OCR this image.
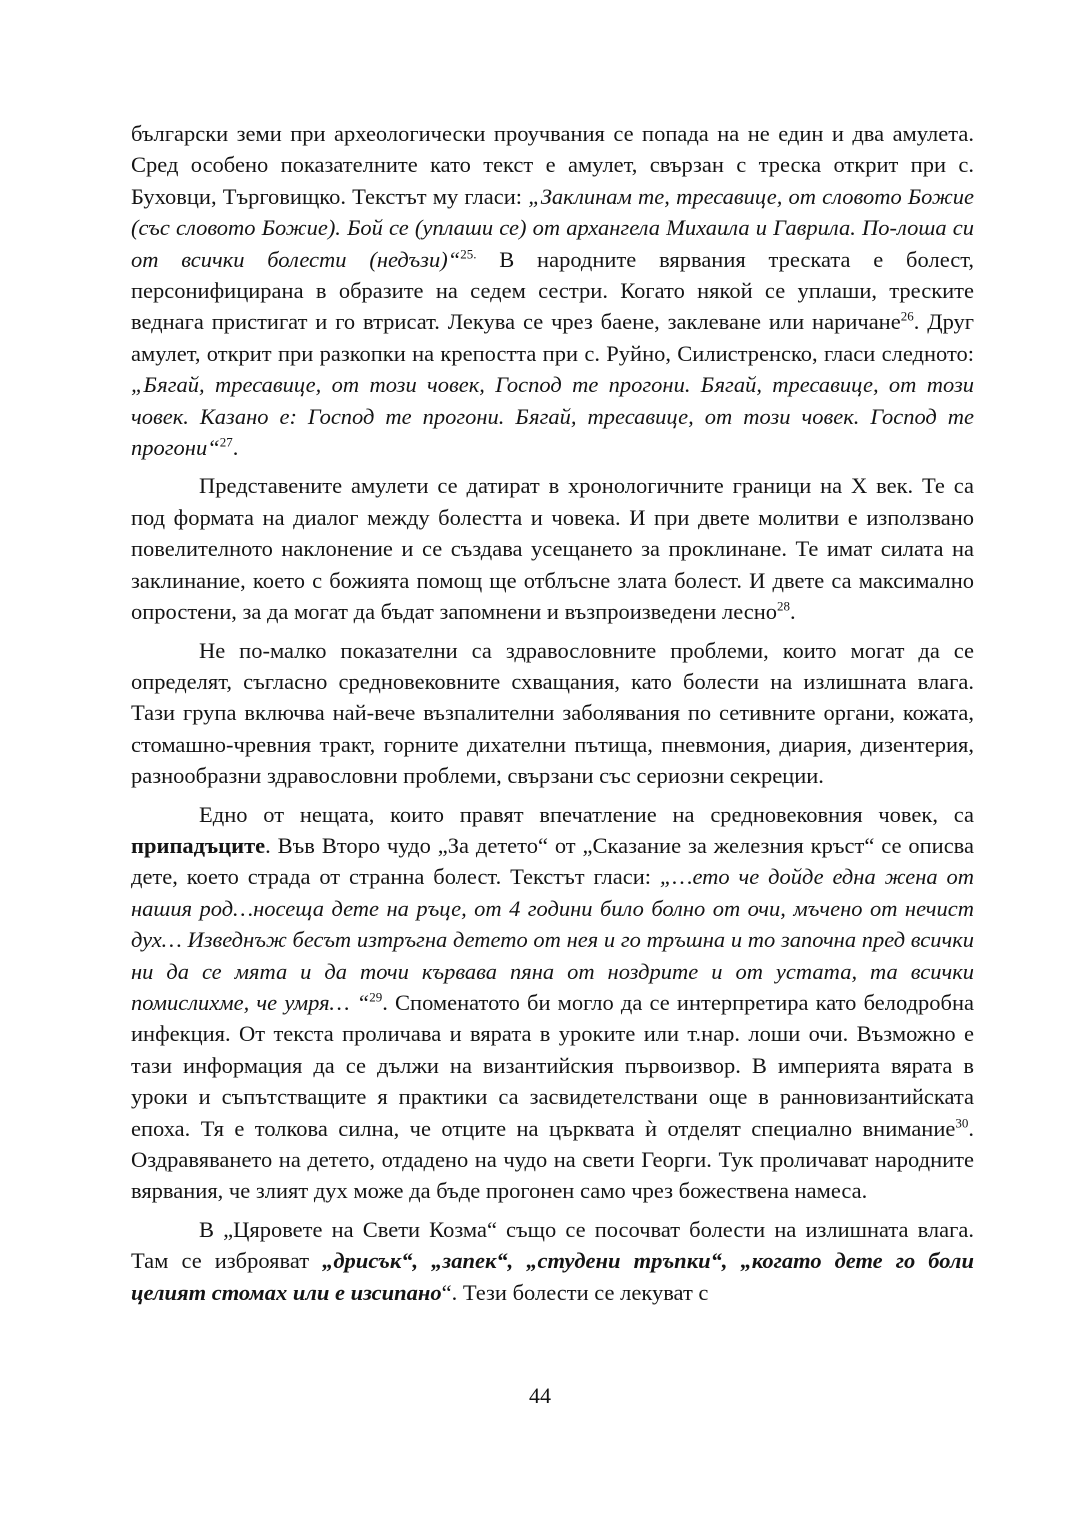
български земи при археологически проучвания се попада на не един и два амулета. Сред особено показателните като текст е амулет, свързан с треска открит при с. Буховци, Търговищко. Текстът му гласи: „Заклинам те, тресавице, от словото Божие (със словото Божие). Бой се (уплаши се) от архангела Михаила и Гаврила. По-лоша си от всички болести (недъзи)“$^{25.}$ В народните вярвания треската е болест, персонифицирана в образите на седем сестри. Когато някой се уплаши, треските веднага пристигат и го втрисат. Лекува се чрез баене, заклеване или наричане$^{26}$. Друг амулет, открит при разкопки на крепостта при с. Руйно, Силистренско, гласи следното: „Бягай, тресавице, от този човек, Господ те прогони. Бягай, тресавице, от този човек. Казано е: Господ те прогони. Бягай, тресавице, от този човек. Господ те прогони“$^{27}$.

Представените амулети се датират в хронологичните граници на X век. Те са под формата на диалог между болестта и човека. И при двете молитви е използвано повелителното наклонение и се създава усещането за проклинане. Те имат силата на заклинание, което с божията помощ ще отблъсне злата болест. И двете са максимално опростени, за да могат да бъдат запомнени и възпроизведени лесно$^{28}$.

Не по-малко показателни са здравословните проблеми, които могат да се определят, съгласно средновековните схващания, като болести на излишната влага. Тази група включва най-вече възпалителни заболявания по сетивните органи, кожата, стомашно-чревния тракт, горните дихателни пътища, пневмония, диария, дизентерия, разнообразни здравословни проблеми, свързани със сериозни секреции.

Едно от нещата, които правят впечатление на средновековния човек, са припадъците. Във Второ чудо „За детето“ от „Сказание за железния кръст“ се описва дете, което страда от странна болест. Текстът гласи: „…ето че дойде една жена от нашия род…носеща дете на ръце, от 4 години било болно от очи, мъчено от нечист дух… Изведнъж бесът изтръгна детето от нея и го тръшна и то започна пред всички ни да се мята и да точи кървава пяна от ноздрите и от устата, та всички помислихме, че умря… “$^{29}$. Споменатото би могло да се интерпретира като белодробна инфекция. От текста проличава и вярата в уроките или т.нар. лоши очи. Възможно е тази информация да се дължи на византийския първоизвор. В империята вярата в уроки и съпътстващите я практики са засвидетелствани още в ранновизантийската епоха. Тя е толкова силна, че отците на църквата ѝ отделят специално внимание$^{30}$. Оздравяването на детето, отдадено на чудо на свети Георги. Тук проличават народните вярвания, че злият дух може да бъде прогонен само чрез божествена намеса.

В „Цяровете на Свети Козма“ също се посочват болести на излишната влага. Там се изброяват „дрисък“, „запек“, „студени тръпки“, „когато дете го боли целият стомах или е изсипано“. Тези болести се лекуват с

44
